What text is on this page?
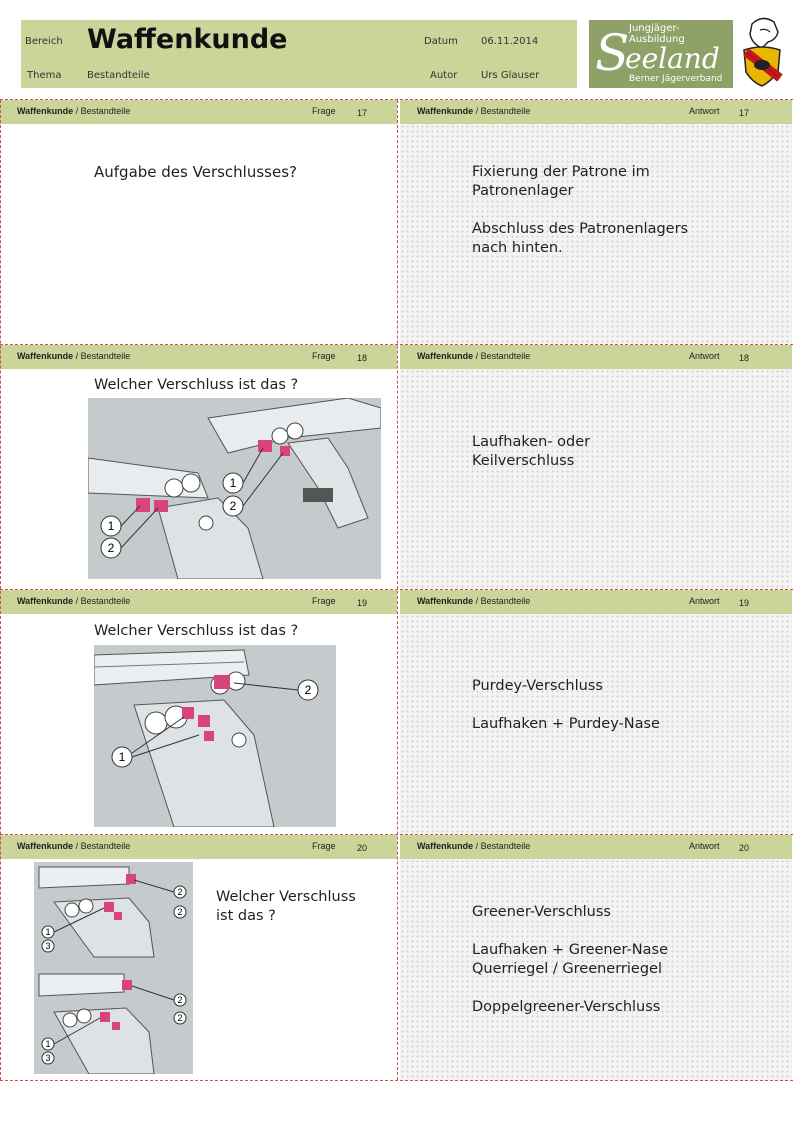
Bereich Waffenkunde	Datum 06.11.2014
Thema	Bestandteile	Autor Urs Glauser
Jungjäger-Ausbildung
S
eeland
Berner Jägerverband
Waffenkunde / Bestandteile	Frage 17	Waffenkunde / Bestandteile	Antwort 17
Waffenkunde / Bestandteile	Frage 18	Waffenkunde / Bestandteile	Antwort 18
Waffenkunde / Bestandteile	Frage 19	Waffenkunde / Bestandteile	Antwort 19
Waffenkunde / Bestandteile	Frage 20	Waffenkunde / Bestandteile	Antwort 20
Aufgabe des Verschlusses?	Fixierung der Patrone im
Patronenlager
Abschluss des Patronenlagers
nach hinten.
Welcher Verschluss ist das ?
1
2
1
2
Laufhaken- oder
Keilverschluss
Welcher Verschluss ist das ?
1
2	Purdey-Verschluss
Laufhaken + Purdey-Nase
1
3
2
2
1
3
2
2
Welcher Verschluss
ist das ?	Greener-Verschluss
Laufhaken + Greener-Nase
Querriegel / Greenerriegel
Doppelgreener-Verschluss
